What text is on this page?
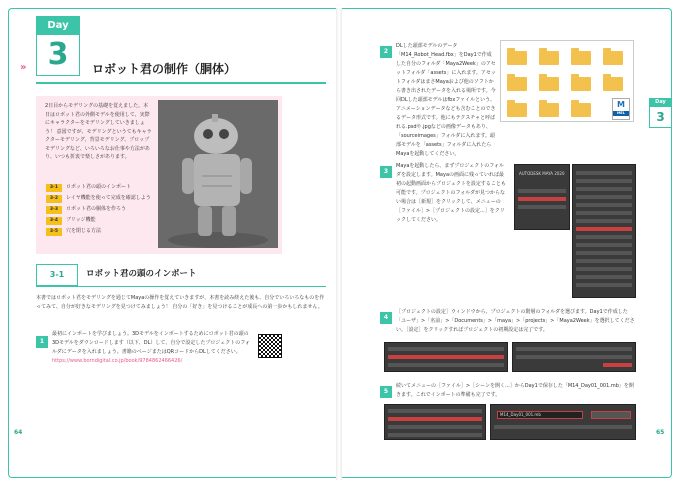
Day
3
»	ロボット君の制作（胴体）
2日目からモデリングの基礎を覚えました。本日はロボット君の外側モデルを使用して、実際にキャラクターをモデリングしていきましょう！ 意図ですが、モデリングというてもキャラクターモデリング、背景モデリング、プロップモデリングなど、いろいろなお仕事や方法があり、いつも折衷で楽しさがあります。
3-1	ロボット君の頭のインポート
3-2	レイヤ機能を使って完成を確認しよう
3-3	ロボット君の胴体を作ろう
3-4	ブリッジ機能
3-5	穴を閉じる方法
3-1	ロボット君の頭のインポート
本書ではロボット君をモデリングを通じてMayaの操作を覚えていきますが、本書を読み終えた後も、自分でいろいろなものを作ってみて、自分が好きなモデリングを見つけてみましょう！ 自分の「好き」を見つけることが成長への第一歩かもしれません。
1
最初にインポートを学びましょう。3Dモデルをインポートするためにロボット君の頭の3Dモデルをダウンロードします（以下、DL）して、自分で設定したプロジェクトのフォルダにデータを入れましょう。書籍のページまたはQRコードからDLしてください。
https://www.borndigital.co.jp/book/9784862466426/
64
Day
3
2
DLした頭部モデルのデータ「M14_Robot_Head.fbx」をDay1で作成した自分のフォルダ「Maya2Week」のアセットフォルダ「assets」に入れます。アセットフォルダはまさMayaおよび他のソフトから書き出されたデータを入れる場所です。今回DLした頭部モデルはfbxファイルという、アニメーションデータなども含むことのできるデータ形式です。他にもテクスチャと呼ばれる.psdや.jpgなどの画像データもあり、「sourceimages」フォルダに入れます。頭部モデルを「assets」フォルダに入れたらMayaを起動してください。
M
MEL
3
Mayaを起動したら、まずプロジェクトのフォルダを設定します。Mayaの画面に残っていれば最初の起動画面からプロジェクトを設定することも可能です。プロジェクトのフォルダが見つからない場合は［新規］をクリックして、メニューの［ファイル］>［プロジェクトの設定...］をクリックしてください。
AUTODESK MAYA 2020
4
［プロジェクトの設定］ウィンドウから、プロジェクトの階層のフォルダを選びます。Day1で作成した「ユーザ」>「名前」>「Documents」>「maya」>「projects」>「Maya2Week」を選択してください。［設定］をクリックすればプロジェクトの初期設定は完了です。
5
続いてメニューの［ファイル］>［シーンを開く...］からDay1で保存した「M14_Day01_001.mb」を開きます。これでインポートの準備も完了です。
M14_Day01_001.mb
65
